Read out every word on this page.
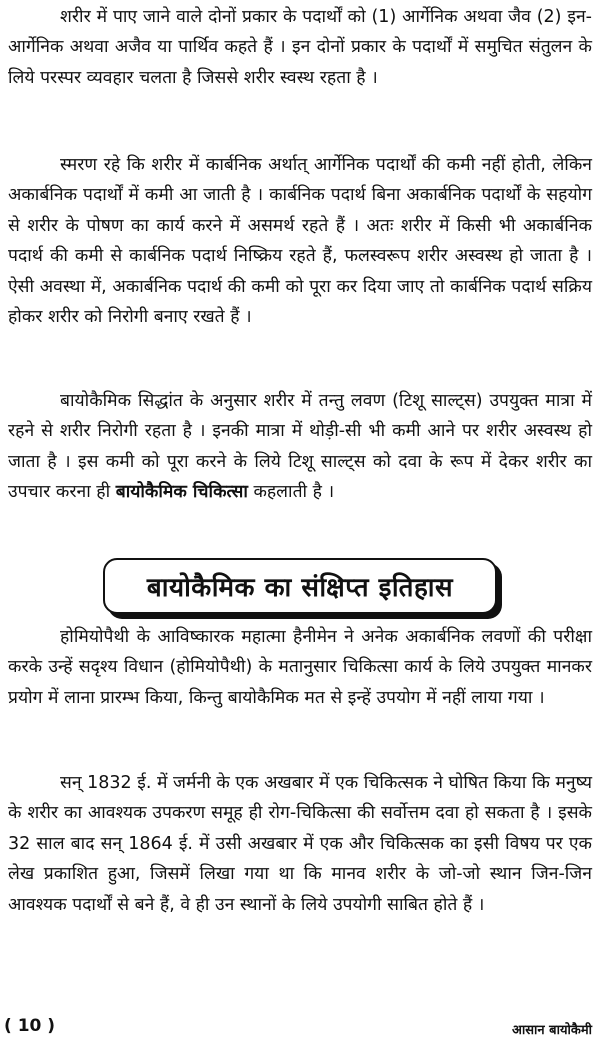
शरीर में पाए जाने वाले दोनों प्रकार के पदार्थों को (1) आर्गेनिक अथवा जैव (2) इन-आर्गेनिक अथवा अजैव या पार्थिव कहते हैं । इन दोनों प्रकार के पदार्थों में समुचित संतुलन के लिये परस्पर व्यवहार चलता है जिससे शरीर स्वस्थ रहता है ।

स्मरण रहे कि शरीर में कार्बनिक अर्थात् आर्गेनिक पदार्थों की कमी नहीं होती, लेकिन अकार्बनिक पदार्थों में कमी आ जाती है । कार्बनिक पदार्थ बिना अकार्बनिक पदार्थों के सहयोग से शरीर के पोषण का कार्य करने में असमर्थ रहते हैं । अतः शरीर में किसी भी अकार्बनिक पदार्थ की कमी से कार्बनिक पदार्थ निष्क्रिय रहते हैं, फलस्वरूप शरीर अस्वस्थ हो जाता है । ऐसी अवस्था में, अकार्बनिक पदार्थ की कमी को पूरा कर दिया जाए तो कार्बनिक पदार्थ सक्रिय होकर शरीर को निरोगी बनाए रखते हैं ।

बायोकैमिक सिद्धांत के अनुसार शरीर में तन्तु लवण (टिशू साल्ट्स) उपयुक्त मात्रा में रहने से शरीर निरोगी रहता है । इनकी मात्रा में थोड़ी-सी भी कमी आने पर शरीर अस्वस्थ हो जाता है । इस कमी को पूरा करने के लिये टिशू साल्ट्स को दवा के रूप में देकर शरीर का उपचार करना ही बायोकैमिक चिकित्सा कहलाती है ।

बायोकैमिक का संक्षिप्त इतिहास

होमियोपैथी के आविष्कारक महात्मा हैनीमेन ने अनेक अकार्बनिक लवणों की परीक्षा करके उन्हें सदृश्य विधान (होमियोपैथी) के मतानुसार चिकित्सा कार्य के लिये उपयुक्त मानकर प्रयोग में लाना प्रारम्भ किया, किन्तु बायोकैमिक मत से इन्हें उपयोग में नहीं लाया गया ।

सन् 1832 ई. में जर्मनी के एक अखबार में एक चिकित्सक ने घोषित किया कि मनुष्य के शरीर का आवश्यक उपकरण समूह ही रोग-चिकित्सा की सर्वोत्तम दवा हो सकता है । इसके 32 साल बाद सन् 1864 ई. में उसी अखबार में एक और चिकित्सक का इसी विषय पर एक लेख प्रकाशित हुआ, जिसमें लिखा गया था कि मानव शरीर के जो-जो स्थान जिन-जिन आवश्यक पदार्थों से बने हैं, वे ही उन स्थानों के लिये उपयोगी साबित होते हैं ।

( 10 )	आसान बायोकैमी
